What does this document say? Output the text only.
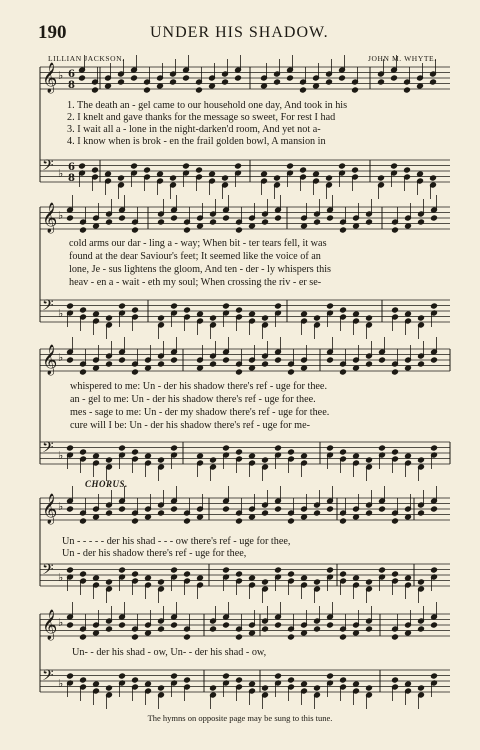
190	UNDER HIS SHADOW.
LILLIAN JACKSON.	JOHN M. WHYTE.
𝄞 ♭ 6
8
𝄢 ♭ 6
8
𝄞 ♭
𝄢 ♭
𝄞 ♭
𝄢 ♭
𝄞 ♭
𝄢 ♭
𝄞 ♭
𝄢 ♭
1. The death an - gel came to our household one day, And took in his
2. I knelt and gave thanks for the message so sweet, For rest I had
3. I wait all a - lone in the night-darken'd room, And yet not a-
4. I know when is brok - en the frail golden bowl, A mansion in
cold arms our dar - ling a - way; When bit - ter tears fell, it was
found at the dear Saviour's feet; It seemed like the voice of an
lone, Je - sus lightens the gloom, And ten - der - ly whispers this
heav - en a - wait - eth my soul; When crossing the riv - er se-
whispered to me: Un - der his shadow there's ref - uge for thee.
an - gel to me: Un - der his shadow there's ref - uge for thee.
mes - sage to me: Un - der my shadow there's ref - uge for thee.
cure will I be: Un - der his shadow there's ref - uge for me-
CHORUS.
Un - - - - - der his shad - - - ow there's ref - uge for thee,
Un - der his shadow there's ref - uge for thee,
Un- - der his shad - ow, Un- - der his shad - ow,
The hymns on opposite page may be sung to this tune.
